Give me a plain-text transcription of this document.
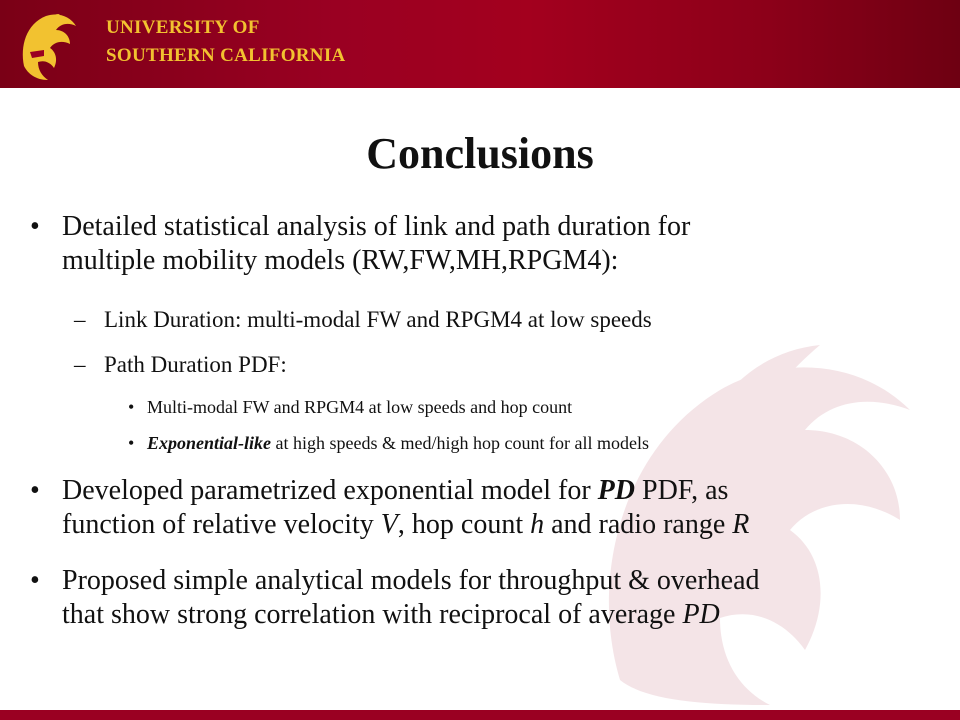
UNIVERSITY OF
SOUTHERN CALIFORNIA
Conclusions
• Detailed statistical analysis of link and path duration for
multiple mobility models (RW,FW,MH,RPGM4):
– Link Duration: multi-modal FW and RPGM4 at low speeds
– Path Duration PDF:
• Multi-modal FW and RPGM4 at low speeds and hop count
• Exponential-like at high speeds & med/high hop count for all models
• Developed parametrized exponential model for PD PDF, as
function of relative velocity V, hop count h and radio range R
• Proposed simple analytical models for throughput & overhead
that show strong correlation with reciprocal of average PD
